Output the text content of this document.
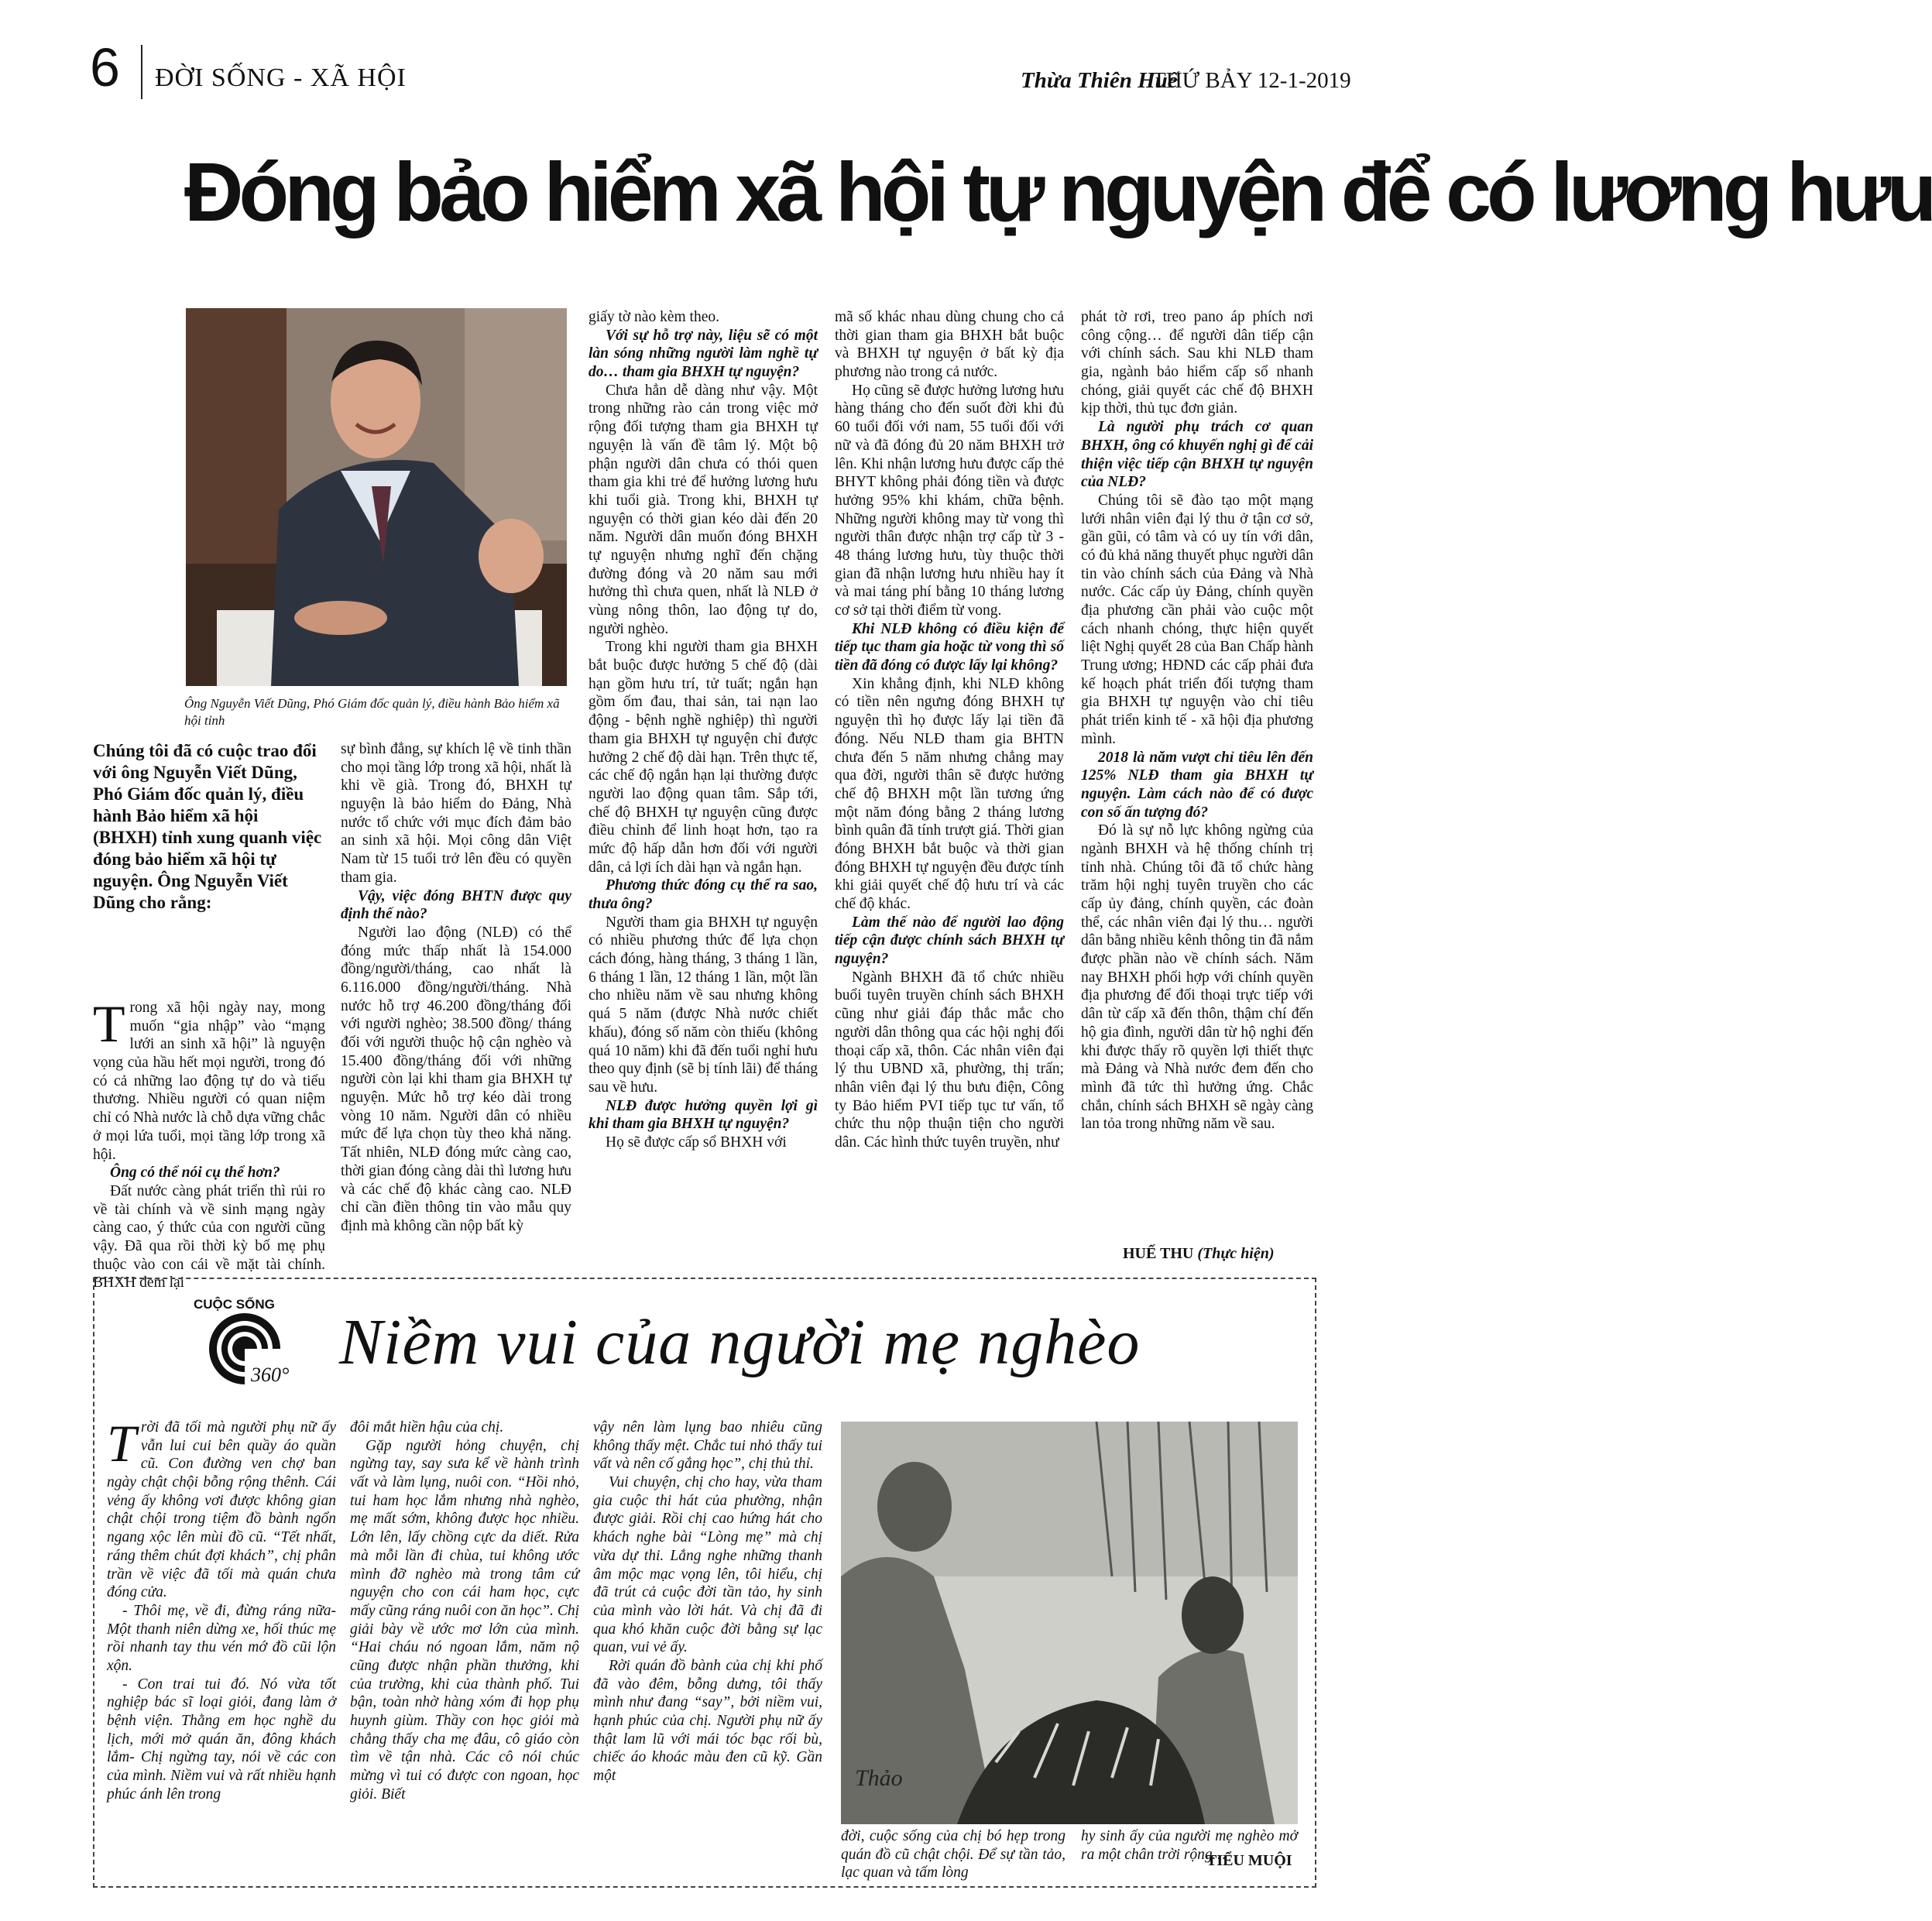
6 ĐỜI SỐNG - XÃ HỘI	Thừa Thiên Huế
THỨ BẢY 12-1-2019
Đóng bảo hiểm xã hội tự nguyện để có lương hưu
Ông Nguyễn Viết Dũng, Phó Giám đốc quản lý, điều hành Bảo hiểm xã hội tỉnh
Chúng tôi đã có cuộc trao đổi với ông Nguyễn Viết Dũng, Phó Giám đốc quản lý, điều hành Bảo hiểm xã hội (BHXH) tỉnh xung quanh việc đóng bảo hiểm xã hội tự nguyện. Ông Nguyễn Viết Dũng cho rằng:
T rong xã hội ngày nay, mong muốn “gia nhập” vào “mạng lưới an sinh xã hội” là nguyện vọng của hầu hết mọi người, trong đó có cả những lao động tự do và tiểu thương. Nhiều người có quan niệm chỉ có Nhà nước là chỗ dựa vững chắc ở mọi lứa tuổi, mọi tầng lớp trong xã hội.

Ông có thể nói cụ thể hơn?

Đất nước càng phát triển thì rủi ro về tài chính và về sinh mạng ngày càng cao, ý thức của con người cũng vậy. Đã qua rồi thời kỳ bố mẹ phụ thuộc vào con cái về mặt tài chính. BHXH đem lại

sự bình đẳng, sự khích lệ về tinh thần cho mọi tầng lớp trong xã hội, nhất là khi về già. Trong đó, BHXH tự nguyện là bảo hiểm do Đảng, Nhà nước tổ chức với mục đích đảm bảo an sinh xã hội. Mọi công dân Việt Nam từ 15 tuổi trở lên đều có quyền tham gia.

Vậy, việc đóng BHTN được quy định thế nào?

Người lao động (NLĐ) có thể đóng mức thấp nhất là 154.000 đồng/người/tháng, cao nhất là 6.116.000 đồng/người/tháng. Nhà nước hỗ trợ 46.200 đồng/tháng đối với người nghèo; 38.500 đồng/ tháng đối với người thuộc hộ cận nghèo và 15.400 đồng/tháng đối với những người còn lại khi tham gia BHXH tự nguyện. Mức hỗ trợ kéo dài trong vòng 10 năm. Người dân có nhiều mức để lựa chọn tùy theo khả năng. Tất nhiên, NLĐ đóng mức càng cao, thời gian đóng càng dài thì lương hưu và các chế độ khác càng cao. NLĐ chỉ cần điền thông tin vào mẫu quy định mà không cần nộp bất kỳ

giấy tờ nào kèm theo.

Với sự hỗ trợ này, liệu sẽ có một làn sóng những người làm nghề tự do… tham gia BHXH tự nguyện?

Chưa hẳn dễ dàng như vậy. Một trong những rào cản trong việc mở rộng đối tượng tham gia BHXH tự nguyện là vấn đề tâm lý. Một bộ phận người dân chưa có thói quen tham gia khi trẻ để hưởng lương hưu khi tuổi già. Trong khi, BHXH tự nguyện có thời gian kéo dài đến 20 năm. Người dân muốn đóng BHXH tự nguyện nhưng nghĩ đến chặng đường đóng và 20 năm sau mới hưởng thì chưa quen, nhất là NLĐ ở vùng nông thôn, lao động tự do, người nghèo.

Trong khi người tham gia BHXH bắt buộc được hưởng 5 chế độ (dài hạn gồm hưu trí, tử tuất; ngắn hạn gồm ốm đau, thai sản, tai nạn lao động - bệnh nghề nghiệp) thì người tham gia BHXH tự nguyện chỉ được hưởng 2 chế độ dài hạn. Trên thực tế, các chế độ ngắn hạn lại thường được người lao động quan tâm. Sắp tới, chế độ BHXH tự nguyện cũng được điều chỉnh để linh hoạt hơn, tạo ra mức độ hấp dẫn hơn đối với người dân, cả lợi ích dài hạn và ngắn hạn.

Phương thức đóng cụ thể ra sao, thưa ông?

Người tham gia BHXH tự nguyện có nhiều phương thức để lựa chọn cách đóng, hàng tháng, 3 tháng 1 lần, 6 tháng 1 lần, 12 tháng 1 lần, một lần cho nhiều năm về sau nhưng không quá 5 năm (được Nhà nước chiết khấu), đóng số năm còn thiếu (không quá 10 năm) khi đã đến tuổi nghỉ hưu theo quy định (sẽ bị tính lãi) để tháng sau về hưu.

NLĐ được hưởng quyền lợi gì khi tham gia BHXH tự nguyện?

Họ sẽ được cấp sổ BHXH với

mã số khác nhau dùng chung cho cả thời gian tham gia BHXH bắt buộc và BHXH tự nguyện ở bất kỳ địa phương nào trong cả nước.

Họ cũng sẽ được hưởng lương hưu hàng tháng cho đến suốt đời khi đủ 60 tuổi đối với nam, 55 tuổi đối với nữ và đã đóng đủ 20 năm BHXH trở lên. Khi nhận lương hưu được cấp thẻ BHYT không phải đóng tiền và được hưởng 95% khi khám, chữa bệnh. Những người không may từ vong thì người thân được nhận trợ cấp từ 3 - 48 tháng lương hưu, tùy thuộc thời gian đã nhận lương hưu nhiều hay ít và mai táng phí bằng 10 tháng lương cơ sở tại thời điểm từ vong.

Khi NLĐ không có điều kiện để tiếp tục tham gia hoặc từ vong thì số tiền đã đóng có được lấy lại không?

Xin khẳng định, khi NLĐ không có tiền nên ngưng đóng BHXH tự nguyện thì họ được lấy lại tiền đã đóng. Nếu NLĐ tham gia BHTN chưa đến 5 năm nhưng chẳng may qua đời, người thân sẽ được hưởng chế độ BHXH một lần tương ứng một năm đóng bằng 2 tháng lương bình quân đã tính trượt giá. Thời gian đóng BHXH bắt buộc và thời gian đóng BHXH tự nguyện đều được tính khi giải quyết chế độ hưu trí và các chế độ khác.

Làm thế nào để người lao động tiếp cận được chính sách BHXH tự nguyện?

Ngành BHXH đã tổ chức nhiều buổi tuyên truyền chính sách BHXH cũng như giải đáp thắc mắc cho người dân thông qua các hội nghị đối thoại cấp xã, thôn. Các nhân viên đại lý thu UBND xã, phường, thị trấn; nhân viên đại lý thu bưu điện, Công ty Bảo hiểm PVI tiếp tục tư vấn, tổ chức thu nộp thuận tiện cho người dân. Các hình thức tuyên truyền, như

phát tờ rơi, treo pano áp phích nơi công cộng… để người dân tiếp cận với chính sách. Sau khi NLĐ tham gia, ngành bảo hiểm cấp sổ nhanh chóng, giải quyết các chế độ BHXH kịp thời, thủ tục đơn giản.

Là người phụ trách cơ quan BHXH, ông có khuyến nghị gì để cải thiện việc tiếp cận BHXH tự nguyện của NLĐ?

Chúng tôi sẽ đào tạo một mạng lưới nhân viên đại lý thu ở tận cơ sở, gần gũi, có tâm và có uy tín với dân, có đủ khả năng thuyết phục người dân tin vào chính sách của Đảng và Nhà nước. Các cấp ủy Đảng, chính quyền địa phương cần phải vào cuộc một cách nhanh chóng, thực hiện quyết liệt Nghị quyết 28 của Ban Chấp hành Trung ương; HĐND các cấp phải đưa kế hoạch phát triển đối tượng tham gia BHXH tự nguyện vào chỉ tiêu phát triển kinh tế - xã hội địa phương mình.

2018 là năm vượt chỉ tiêu lên đến 125% NLĐ tham gia BHXH tự nguyện. Làm cách nào để có được con số ấn tượng đó?

Đó là sự nỗ lực không ngừng của ngành BHXH và hệ thống chính trị tỉnh nhà. Chúng tôi đã tổ chức hàng trăm hội nghị tuyên truyền cho các cấp ủy đảng, chính quyền, các đoàn thể, các nhân viên đại lý thu… người dân bằng nhiều kênh thông tin đã nắm được phần nào về chính sách. Năm nay BHXH phối hợp với chính quyền địa phương để đối thoại trực tiếp với dân từ cấp xã đến thôn, thậm chí đến hộ gia đình, người dân từ hộ nghi đến khi được thấy rõ quyền lợi thiết thực mà Đảng và Nhà nước đem đến cho mình đã tức thì hưởng ứng. Chắc chắn, chính sách BHXH sẽ ngày càng lan tỏa trong những năm về sau.

HUẾ THU (Thực hiện)
CUỘC SỐNG
360° Niềm vui của người mẹ nghèo
T rời đã tối mà người phụ nữ ấy vẫn lui cui bên quầy áo quần cũ. Con đường ven chợ ban ngày chật chội bỗng rộng thênh. Cái vẻng ấy không vơi được không gian chật chội trong tiệm đồ bành ngổn ngang xộc lên mùi đồ cũ. “Tết nhất, ráng thêm chút đợi khách”, chị phân trần về việc đã tối mà quán chưa đóng cửa.

- Thôi mẹ, về đi, đừng ráng nữa- Một thanh niên dừng xe, hối thúc mẹ rồi nhanh tay thu vén mớ đồ cũi lộn xộn.

- Con trai tui đó. Nó vừa tốt nghiệp bác sĩ loại giỏi, đang làm ở bệnh viện. Thằng em học nghề du lịch, mới mở quán ăn, đông khách lắm- Chị ngừng tay, nói về các con của mình. Niềm vui và rất nhiều hạnh phúc ánh lên trong

đôi mắt hiền hậu của chị.

Gặp người hỏng chuyện, chị ngừng tay, say sưa kể về hành trình vất và làm lụng, nuôi con. “Hồi nhỏ, tui ham học lắm nhưng nhà nghèo, mẹ mất sớm, không được học nhiều. Lớn lên, lấy chồng cực da diết. Rửa mà mỗi lần đi chùa, tui không ước mình đỡ nghèo mà trong tâm cứ nguyện cho con cái ham học, cực mấy cũng ráng nuôi con ăn học”. Chị giải bày về ước mơ lớn của mình. “Hai cháu nó ngoan lắm, năm nộ cũng được nhận phần thưởng, khi của trường, khi của thành phố. Tui bận, toàn nhờ hàng xóm đi họp phụ huynh giùm. Thầy con học giỏi mà chẳng thấy cha mẹ đâu, cô giáo còn tìm về tận nhà. Các cô nói chúc mừng vì tui có được con ngoan, học giỏi. Biết

vậy nên làm lụng bao nhiêu cũng không thấy mệt. Chắc tui nhỏ thấy tui vất và nên cố gắng học”, chị thủ thỉ.

Vui chuyện, chị cho hay, vừa tham gia cuộc thi hát của phường, nhận được giải. Rồi chị cao hứng hát cho khách nghe bài “Lòng mẹ” mà chị vừa dự thi. Lắng nghe những thanh âm mộc mạc vọng lên, tôi hiểu, chị đã trút cả cuộc đời tần tảo, hy sinh của mình vào lời hát. Và chị đã đi qua khó khăn cuộc đời bằng sự lạc quan, vui vẻ ấy.

Rời quán đồ bành của chị khi phố đã vào đêm, bỗng dưng, tôi thấy mình như đang “say”, bởi niềm vui, hạnh phúc của chị. Người phụ nữ ấy thật lam lũ với mái tóc bạc rối bù, chiếc áo khoác màu đen cũ kỹ. Gần một	Thảo

đời, cuộc sống của chị bó hẹp trong quán đồ cũ chật chội. Để sự tần tảo, lạc quan và tấm lòng

hy sinh ấy của người mẹ nghèo mở ra một chân trời rộng…

TIỂU MUỘI
